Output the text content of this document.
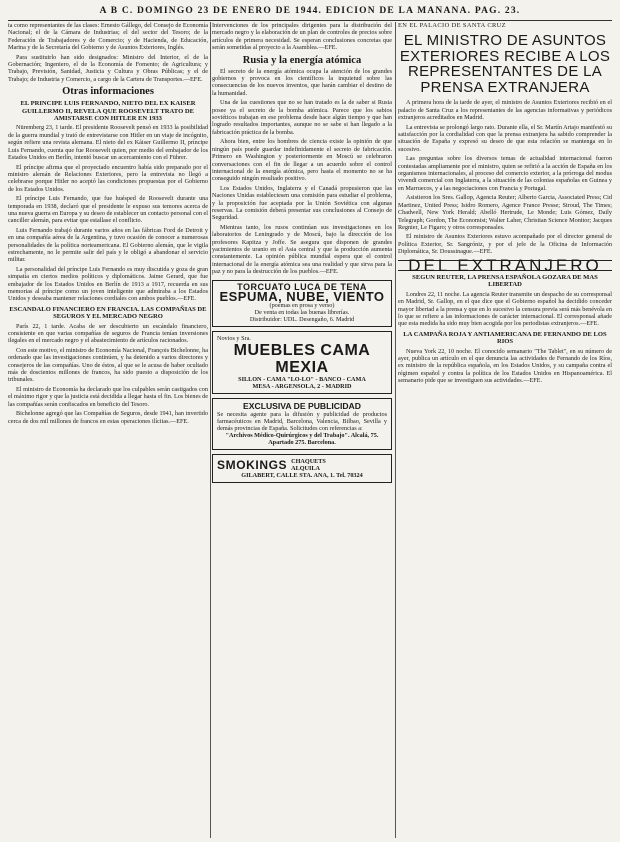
A B C. DOMINGO 23 DE ENERO DE 1944. EDICION DE LA MAÑANA. PAG. 23.

ta como representantes de las clases: Ernesto Gállego, del Consejo de Economía Nacional; el de la Cámara de Industrias; el del sector del Tesoro; de la Federación de Trabajadores y de Comercio; y de Hacienda, de Educación, Marina y de la Secretaría del Gobierno y de Asuntos Exteriores, Inglés.

Para sustituirlo han sido designados: Ministro del Interior, el de la Gobernación; Ingeniero, el de la Economía de Fomento; de Agricultura; y Trabajo, Previsión, Sanidad, Justicia y Cultura y Obras Públicas; y el de Trabajo; de Industria y Comercio, a cargo de la Cartera de Transportes.—EFE.

Otras informaciones
EL PRINCIPE LUIS FERNANDO, NIETO DEL EX KAISER GUILLERMO II, REVELA QUE ROOSEVELT TRATO DE AMISTARSE CON HITLER EN 1933

Nüremberg 23, 1 tarde. El presidente Roosevelt pensó en 1933 la posibilidad de la guerra mundial y trató de entrevistarse con Hitler en un viaje de incógnito, según refiere una revista alemana. El nieto del ex Káiser Guillermo II, príncipe Luis Fernando, cuenta que fue Roosevelt quien, por medio del embajador de los Estados Unidos en Berlín, intentó buscar un acercamiento con el Führer.

El príncipe afirma que el proyectado encuentro había sido preparado por el ministro alemán de Relaciones Exteriores, pero la entrevista no llegó a celebrarse porque Hitler no aceptó las condiciones propuestas por el Gobierno de los Estados Unidos.

El príncipe Luis Fernando, que fue huésped de Roosevelt durante una temporada en 1938, declaró que el presidente le expuso sus temores acerca de una nueva guerra en Europa y su deseo de establecer un contacto personal con el canciller alemán, para evitar que estallase el conflicto.

Luis Fernando trabajó durante varios años en las fábricas Ford de Detroit y en una compañía aérea de la Argentina, y tuvo ocasión de conocer a numerosas personalidades de la política norteamericana. El Gobierno alemán, que le vigila estrechamente, no le permite salir del país y le obligó a abandonar el servicio militar.

La personalidad del príncipe Luis Fernando es muy discutida y goza de gran simpatía en ciertos medios políticos y diplomáticos. Jaime Gerard, que fue embajador de los Estados Unidos en Berlín de 1913 a 1917, recuerda en sus memorias al príncipe como un joven inteligente que admiraba a los Estados Unidos y deseaba mantener relaciones cordiales con ambos pueblos.—EFE.

ESCANDALO FINANCIERO EN FRANCIA. LAS COMPAÑIAS DE SEGUROS Y EL MERCADO NEGRO

París 22, 1 tarde. Acaba de ser descubierto un escándalo financiero, consistente en que varias compañías de seguros de Francia tenían inversiones ilegales en el mercado negro y el abastecimiento de artículos racionados.

Con este motivo, el ministro de Economía Nacional, François Bichelonne, ha ordenado que las investigaciones continúen, y ha detenido a varios directores y consejeros de las compañías. Uno de éstos, al que se le acusa de haber ocultado más de doscientos millones de francos, ha sido puesto a disposición de los tribunales.

El ministro de Economía ha declarado que los culpables serán castigados con el máximo rigor y que la justicia está decidida a llegar hasta el fin. Los bienes de las compañías serán confiscados en beneficio del Tesoro.

Bichelonne agregó que las Compañías de Seguros, desde 1941, han invertido cerca de dos mil millones de francos en estas operaciones ilícitas.—EFE.

Intervenciones de los principales dirigentes para la distribución del mercado negro y la elaboración de un plan de controles de precios sobre artículos de primera necesidad. Se esperan conclusiones concretas que serán sometidas al proyecto a la Asamblea.—EFE.

Rusia y la energía atómica

El secreto de la energía atómica ocupa la atención de los grandes gobiernos y provoca en los científicos la inquietud sobre las consecuencias de los nuevos inventos, que harán cambiar el destino de la humanidad.

Una de las cuestiones que no se han tratado es la de saber si Rusia posee ya el secreto de la bomba atómica. Parece que los sabios soviéticos trabajan en ese problema desde hace algún tiempo y que han logrado resultados importantes, aunque no se sabe si han llegado a la fabricación práctica de la bomba.

Ahora bien, entre los hombres de ciencia existe la opinión de que ningún país puede guardar indefinidamente el secreto de fabricación. Primero en Washington y posteriormente en Moscú se celebraron conversaciones con el fin de llegar a un acuerdo sobre el control internacional de la energía atómica, pero hasta el momento no se ha conseguido ningún resultado positivo.

Los Estados Unidos, Inglaterra y el Canadá propusieron que las Naciones Unidas estableciesen una comisión para estudiar el problema, y la proposición fue aceptada por la Unión Soviética con algunas reservas. La comisión deberá presentar sus conclusiones al Consejo de Seguridad.

Mientras tanto, los rusos continúan sus investigaciones en los laboratorios de Leningrado y de Moscú, bajo la dirección de los profesores Kapitza y Joffe. Se asegura que disponen de grandes yacimientos de uranio en el Asia central y que la producción aumenta constantemente. La opinión pública mundial espera que el control internacional de la energía atómica sea una realidad y que sirva para la paz y no para la destrucción de los pueblos.—EFE.

TORCUATO LUCA DE TENA
ESPUMA, NUBE, VIENTO
(poemas en prosa y verso)
De venta en todas las buenas librerías.
Distribuidor: UDL. Desengaño, 6. Madrid
Novios y Sra.
MUEBLES CAMA MEXIA
SILLON - CAMA "LO-LO" - BANCO - CAMA
MESA - ARGENSOLA, 2 - MADRID
EXCLUSIVA DE PUBLICIDAD
Se necesita agente para la difusión y publicidad de productos farmacéuticos en Madrid, Barcelona, Valencia, Bilbao, Sevilla y demás provincias de España. Solicitudes con referencias a:
"Archivos Médico-Quirúrgicos y del Trabajo". Alcalá, 75. Apartado 275. Barcelona.
SMOKINGS CHAQUETS
ALQUILA
GILABERT, CALLE STA. ANA, 1. Tel. 70324
EN EL PALACIO DE SANTA CRUZ
EL MINISTRO DE ASUNTOS EXTERIORES RECIBE A LOS REPRESENTANTES DE LA PRENSA EXTRANJERA

A primera hora de la tarde de ayer, el ministro de Asuntos Exteriores recibió en el palacio de Santa Cruz a los representantes de las agencias informativas y periódicos extranjeros acreditados en Madrid.

La entrevista se prolongó largo rato. Durante ella, el Sr. Martín Artajo manifestó su satisfacción por la cordialidad con que la prensa extranjera ha sabido comprender la situación de España y expresó su deseo de que esta relación se mantenga en lo sucesivo.

Las preguntas sobre los diversos temas de actualidad internacional fueron contestadas ampliamente por el ministro, quien se refirió a la acción de España en los organismos internacionales, al proceso del comercio exterior, a la prórroga del modus vivendi comercial con Inglaterra, a la situación de las colonias españolas en Guinea y en Marruecos, y a las negociaciones con Francia y Portugal.

Asistieron los Sres. Gallop, Agencia Reuter; Alberto Garcia, Associated Press; Cid Martinez, United Press; Isidro Romero, Agence France Presse; Stroud, The Times; Chadwell, New York Herald; Abelló Hertrude, Le Monde; Luis Gómez, Daily Telegraph; Gordon, The Economist; Walter Laher, Christian Science Monitor; Jacques Regnier, Le Figaro; y otros corresponsales.

El ministro de Asuntos Exteriores estuvo acompañado por el director general de Política Exterior, Sr. Sangróniz, y por el jefe de la Oficina de Información Diplomática, Sr. Doussinague.—EFE.

DEL EXTRANJERO
SEGUN REUTER, LA PRENSA ESPAÑOLA GOZARA DE MAS LIBERTAD

Londres 22, 11 noche. La agencia Reuter transmite un despacho de su corresponsal en Madrid, Sr. Gallop, en el que dice que el Gobierno español ha decidido conceder mayor libertad a la prensa y que en lo sucesivo la censura previa será más benévola en lo que se refiere a las informaciones de carácter internacional. El corresponsal añade que esta medida ha sido muy bien acogida por los periodistas extranjeros.—EFE.

LA CAMPAÑA ROJA Y ANTIAMERICANA DE FERNANDO DE LOS RIOS

Nueva York 22, 10 noche. El conocido semanario "The Tablet", en su número de ayer, publica un artículo en el que denuncia las actividades de Fernando de los Ríos, ex ministro de la república española, en los Estados Unidos, y su campaña contra el régimen español y contra la política de los Estados Unidos en Hispanoamérica. El semanario pide que se investiguen sus actividades.—EFE.
